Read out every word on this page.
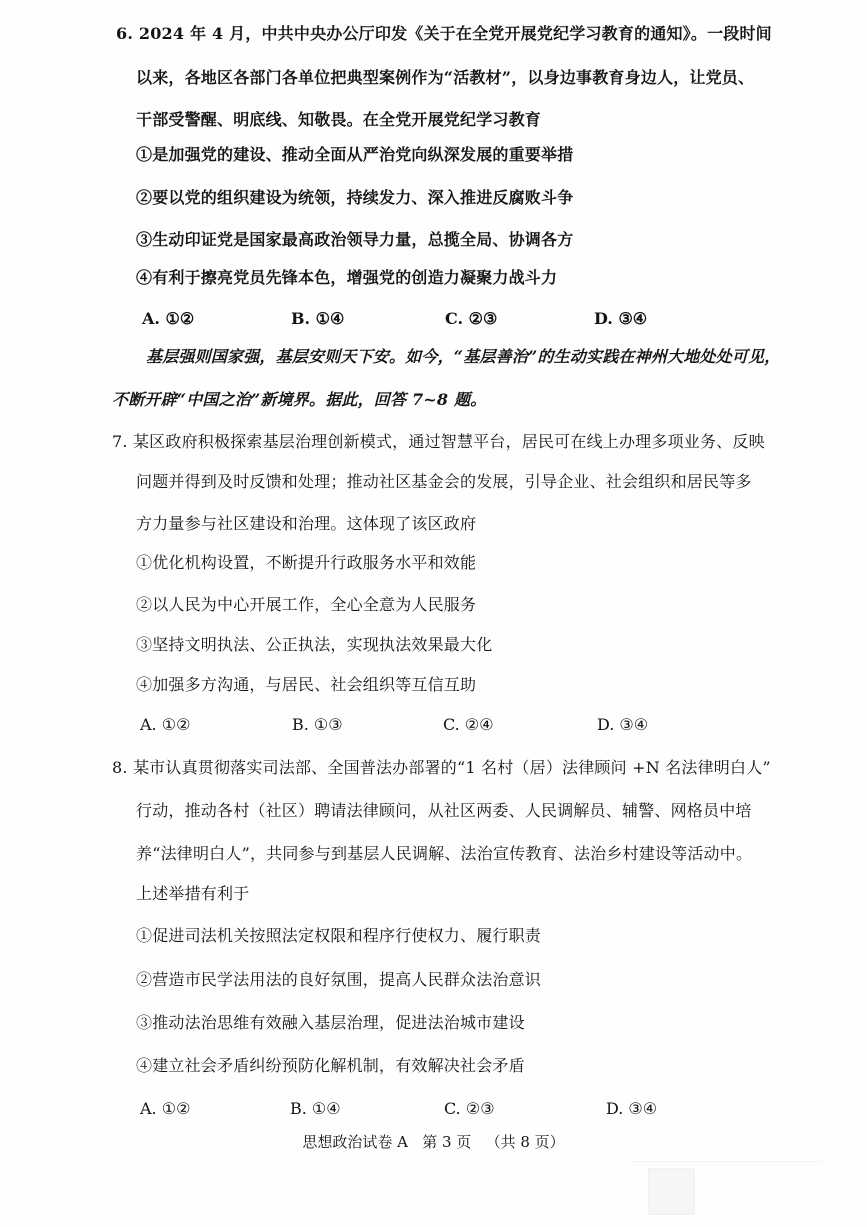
6. 2024 年 4 月，中共中央办公厅印发《关于在全党开展党纪学习教育的通知》。一段时间
以来，各地区各部门各单位把典型案例作为“活教材”，以身边事教育身边人，让党员、
干部受警醒、明底线、知敬畏。在全党开展党纪学习教育
①是加强党的建设、推动全面从严治党向纵深发展的重要举措
②要以党的组织建设为统领，持续发力、深入推进反腐败斗争
③生动印证党是国家最高政治领导力量，总揽全局、协调各方
④有利于擦亮党员先锋本色，增强党的创造力凝聚力战斗力
A. ①②	B. ①④	C. ②③	D. ③④
基层强则国家强，基层安则天下安。如今，“基层善治”的生动实践在神州大地处处可见，
不断开辟“中国之治”新境界。据此，回答 7~8 题。
7. 某区政府积极探索基层治理创新模式，通过智慧平台，居民可在线上办理多项业务、反映
问题并得到及时反馈和处理；推动社区基金会的发展，引导企业、社会组织和居民等多
方力量参与社区建设和治理。这体现了该区政府
①优化机构设置，不断提升行政服务水平和效能
②以人民为中心开展工作，全心全意为人民服务
③坚持文明执法、公正执法，实现执法效果最大化
④加强多方沟通，与居民、社会组织等互信互助
A. ①②	B. ①③	C. ②④	D. ③④
8. 某市认真贯彻落实司法部、全国普法办部署的“1 名村（居）法律顾问 +N 名法律明白人”
行动，推动各村（社区）聘请法律顾问，从社区两委、人民调解员、辅警、网格员中培
养“法律明白人”，共同参与到基层人民调解、法治宣传教育、法治乡村建设等活动中。
上述举措有利于
①促进司法机关按照法定权限和程序行使权力、履行职责
②营造市民学法用法的良好氛围，提高人民群众法治意识
③推动法治思维有效融入基层治理，促进法治城市建设
④建立社会矛盾纠纷预防化解机制，有效解决社会矛盾
A. ①②	B. ①④	C. ②③	D. ③④
思想政治试卷 A   第 3 页   （共 8 页）
